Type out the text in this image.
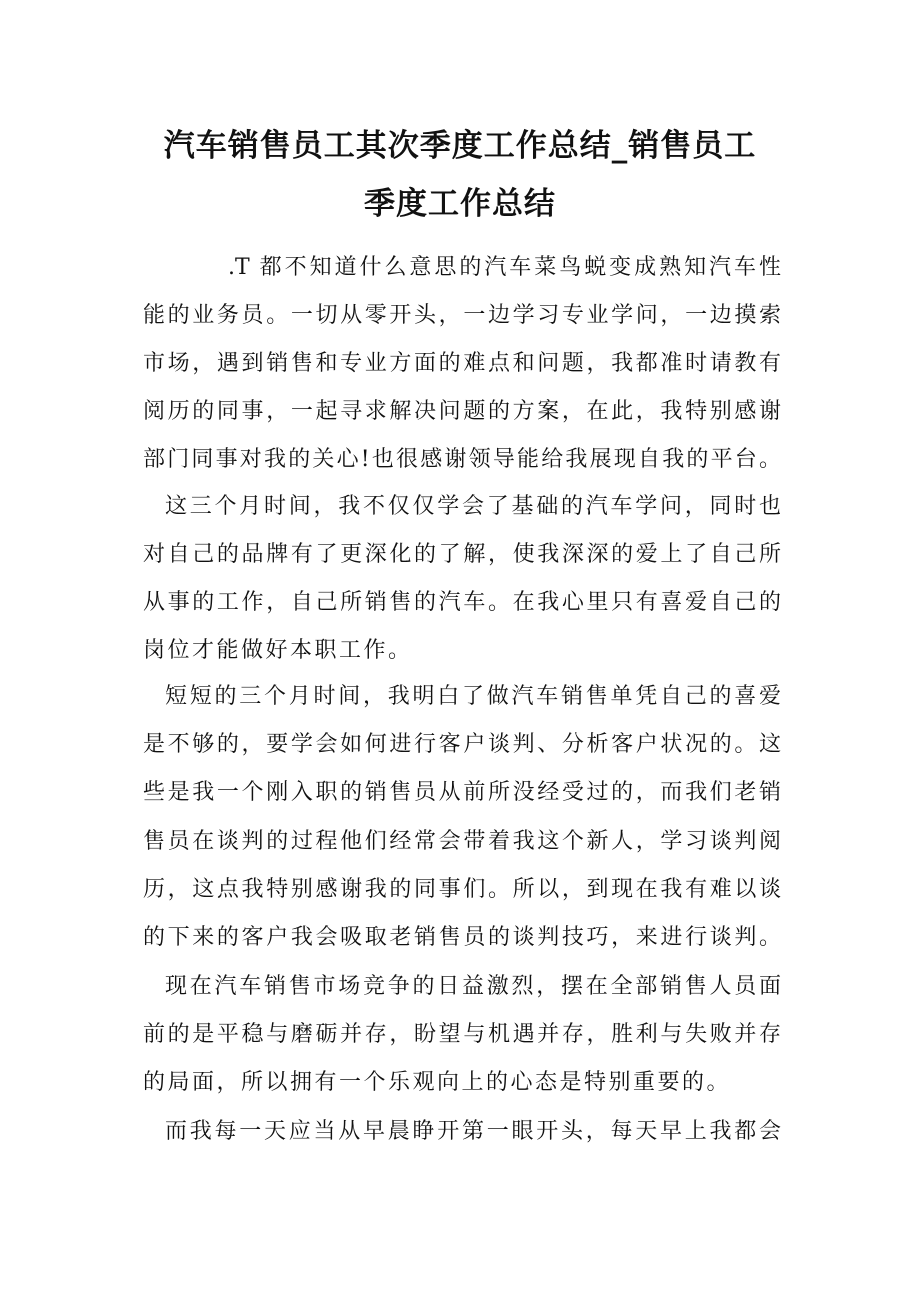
汽车销售员工其次季度工作总结_销售员工
季度工作总结
.T 都不知道什么意思的汽车菜鸟蜕变成熟知汽车性
能的业务员。一切从零开头，一边学习专业学问，一边摸索
市场，遇到销售和专业方面的难点和问题，我都准时请教有
阅历的同事，一起寻求解决问题的方案，在此，我特别感谢
部门同事对我的关心!也很感谢领导能给我展现自我的平台。
这三个月时间，我不仅仅学会了基础的汽车学问，同时也
对自己的品牌有了更深化的了解，使我深深的爱上了自己所
从事的工作，自己所销售的汽车。在我心里只有喜爱自己的
岗位才能做好本职工作。
短短的三个月时间，我明白了做汽车销售单凭自己的喜爱
是不够的，要学会如何进行客户谈判、分析客户状况的。这
些是我一个刚入职的销售员从前所没经受过的，而我们老销
售员在谈判的过程他们经常会带着我这个新人，学习谈判阅
历，这点我特别感谢我的同事们。所以，到现在我有难以谈
的下来的客户我会吸取老销售员的谈判技巧，来进行谈判。
现在汽车销售市场竞争的日益激烈，摆在全部销售人员面
前的是平稳与磨砺并存，盼望与机遇并存，胜利与失败并存
的局面，所以拥有一个乐观向上的心态是特别重要的。
而我每一天应当从早晨睁开第一眼开头，每天早上我都会
